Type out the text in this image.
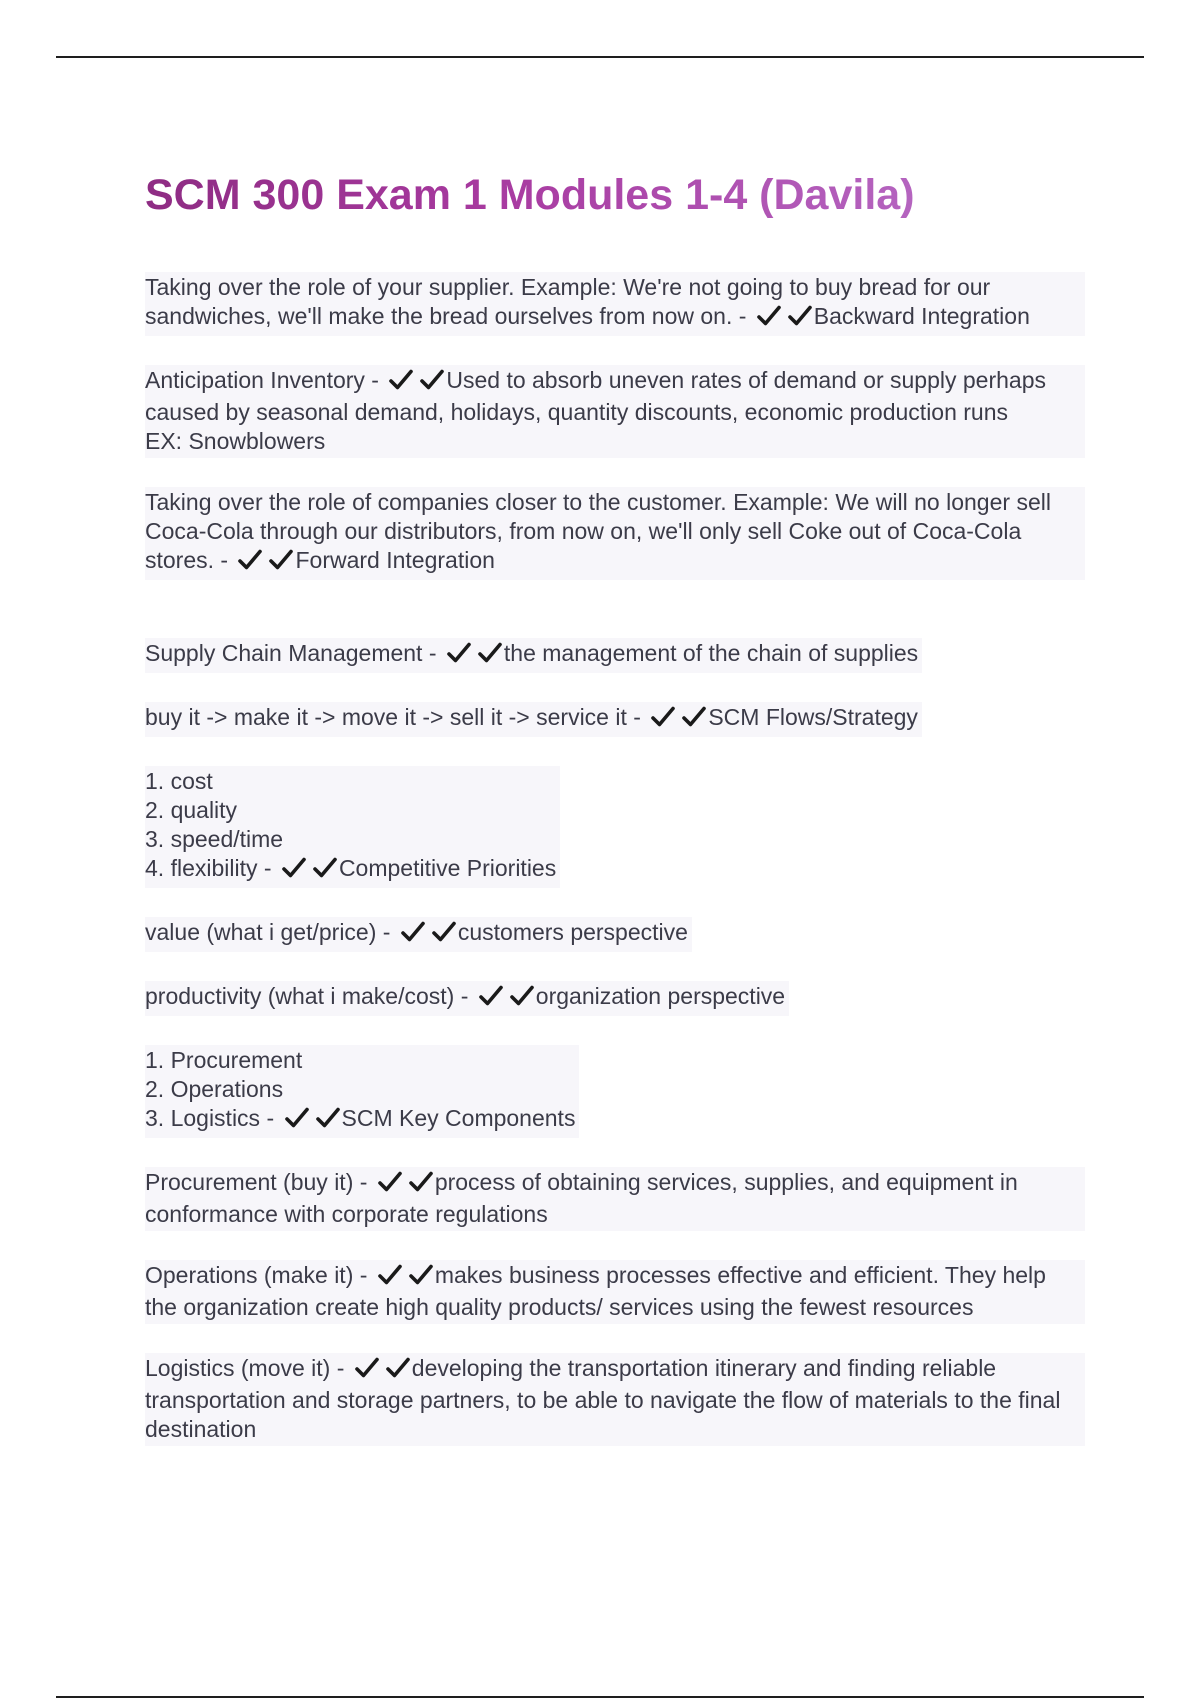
SCM 300 Exam 1 Modules 1-4 (Davila)
Taking over the role of your supplier. Example: We're not going to buy bread for our sandwiches, we'll make the bread ourselves from now on. -	Backward Integration
Anticipation Inventory -	Used to absorb uneven rates of demand or supply perhaps caused by seasonal demand, holidays, quantity discounts, economic production runs
EX: Snowblowers
Taking over the role of companies closer to the customer. Example: We will no longer sell Coca-Cola through our distributors, from now on, we'll only sell Coke out of Coca-Cola stores. -	Forward Integration
Supply Chain Management -	the management of the chain of supplies
buy it -> make it -> move it -> sell it -> service it -	SCM Flows/Strategy
1. cost
2. quality
3. speed/time
4. flexibility -	Competitive Priorities
value (what i get/price) -	customers perspective
productivity (what i make/cost) -	organization perspective
1. Procurement
2. Operations
3. Logistics -	SCM Key Components
Procurement (buy it) -	process of obtaining services, supplies, and equipment in conformance with corporate regulations
Operations (make it) -	makes business processes effective and efficient. They help the organization create high quality products/ services using the fewest resources
Logistics (move it) -	developing the transportation itinerary and finding reliable transportation and storage partners, to be able to navigate the flow of materials to the final destination
